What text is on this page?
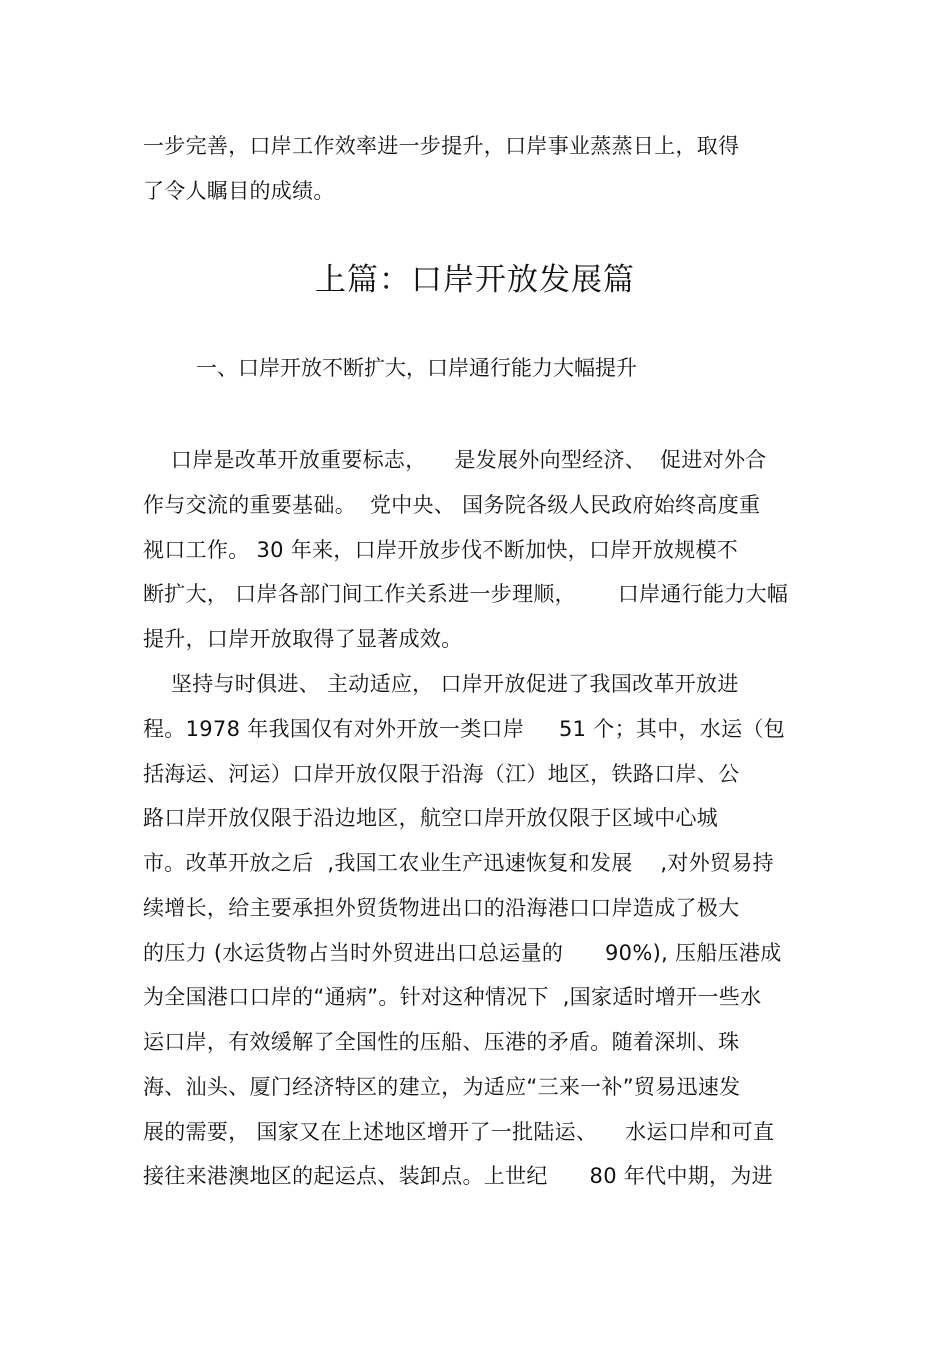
一步完善，口岸工作效率进一步提升，口岸事业蒸蒸日上，取得
了令人瞩目的成绩。
上篇：口岸开放发展篇
一、口岸开放不断扩大，口岸通行能力大幅提升
口岸是改革开放重要标志，    是发展外向型经济、  促进对外合
作与交流的重要基础。  党中央、 国务院各级人民政府始终高度重
视口工作。 30 年来，口岸开放步伐不断加快，口岸开放规模不
断扩大， 口岸各部门间工作关系进一步理顺，      口岸通行能力大幅
提升，口岸开放取得了显著成效。
坚持与时俱进、 主动适应， 口岸开放促进了我国改革开放进
程。1978 年我国仅有对外开放一类口岸     51 个；其中，水运（包
括海运、河运）口岸开放仅限于沿海（江）地区，铁路口岸、公
路口岸开放仅限于沿边地区，航空口岸开放仅限于区域中心城
市。改革开放之后  ,我国工农业生产迅速恢复和发展    ,对外贸易持
续增长，给主要承担外贸货物进出口的沿海港口口岸造成了极大
的压力 (水运货物占当时外贸进出口总运量的      90%), 压船压港成
为全国港口口岸的“通病”。针对这种情况下  ,国家适时增开一些水
运口岸，有效缓解了全国性的压船、压港的矛盾。随着深圳、珠
海、汕头、厦门经济特区的建立，为适应“三来一补”贸易迅速发
展的需要， 国家又在上述地区增开了一批陆运、    水运口岸和可直
接往来港澳地区的起运点、装卸点。上世纪      80 年代中期，为进
